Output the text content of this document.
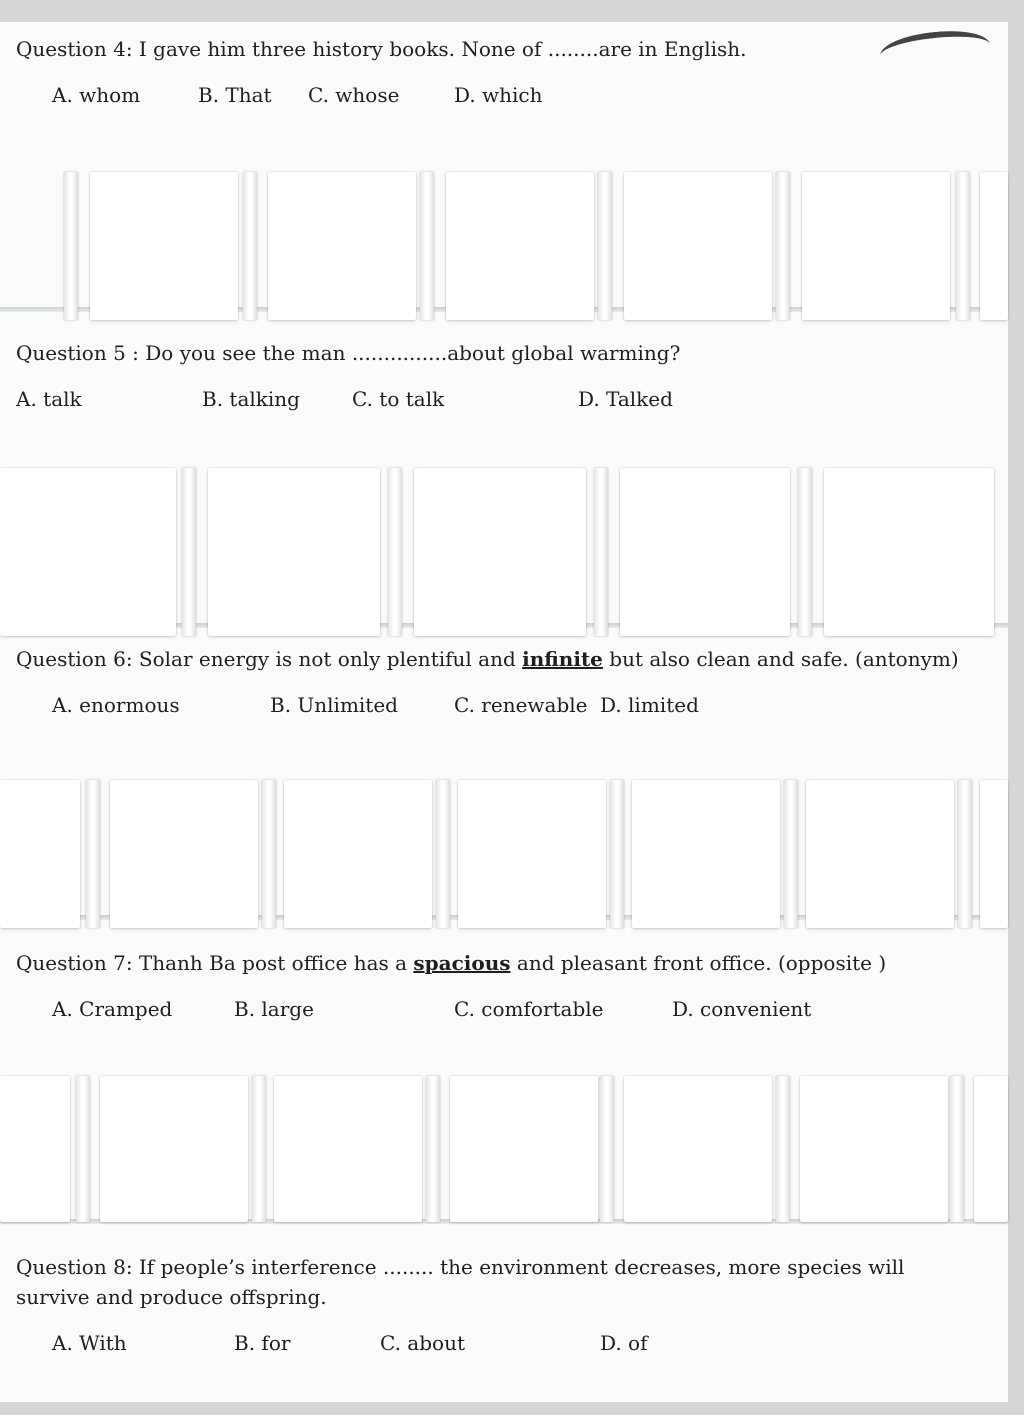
Question 4: I gave him three history books. None of ........are in English.

A. whom	B. That C. whose	D. which

Question 5 : Do you see the man ...............about global warming?

A. talk	B. talking	C. to talk	D. Talked

Question 6: Solar energy is not only plentiful and infinite but also clean and safe. (antonym)

A. enormous	B. Unlimited	C. renewable D. limited

Question 7: Thanh Ba post office has a spacious and pleasant front office. (opposite )

A. Cramped	B. large	C. comfortable	D. convenient

Question 8: If people’s interference ........ the environment decreases, more species will survive and produce offspring.

A. With	B. for	C. about	D. of
